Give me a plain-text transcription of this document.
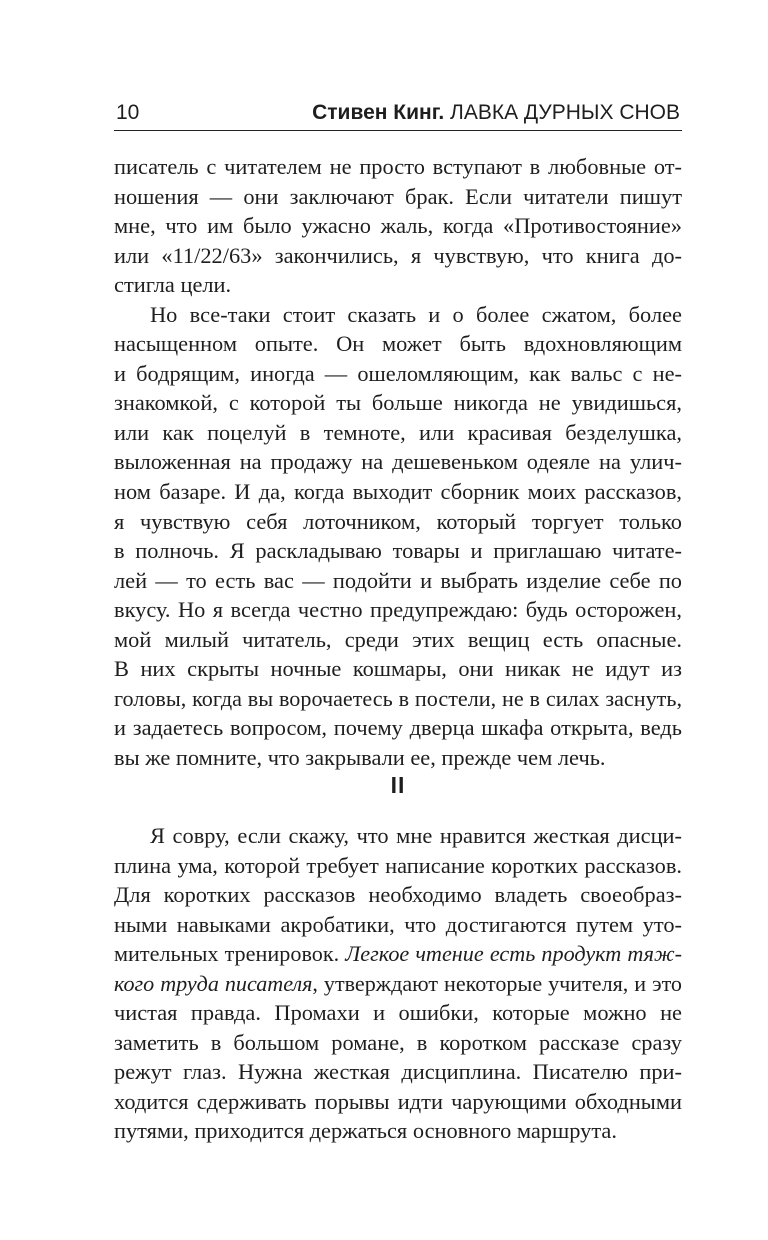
10	Стивен Кинг. ЛАВКА ДУРНЫХ СНОВ
писатель с читателем не просто вступают в любовные от-
ношения — они заключают брак. Если читатели пишут
мне, что им было ужасно жаль, когда «Противостояние»
или «11/22/63» закончились, я чувствую, что книга до-
стигла цели.
Но все-таки стоит сказать и о более сжатом, более
насыщенном опыте. Он может быть вдохновляющим
и бодрящим, иногда — ошеломляющим, как вальс с не-
знакомкой, с которой ты больше никогда не увидишься,
или как поцелуй в темноте, или красивая безделушка,
выложенная на продажу на дешевеньком одеяле на улич-
ном базаре. И да, когда выходит сборник моих рассказов,
я чувствую себя лоточником, который торгует только
в полночь. Я раскладываю товары и приглашаю читате-
лей — то есть вас — подойти и выбрать изделие себе по
вкусу. Но я всегда честно предупреждаю: будь осторожен,
мой милый читатель, среди этих вещиц есть опасные.
В них скрыты ночные кошмары, они никак не идут из
головы, когда вы ворочаетесь в постели, не в силах заснуть,
и задаетесь вопросом, почему дверца шкафа открыта, ведь
вы же помните, что закрывали ее, прежде чем лечь.
II
Я совру, если скажу, что мне нравится жесткая дисци-
плина ума, которой требует написание коротких рассказов.
Для коротких рассказов необходимо владеть своеобраз-
ными навыками акробатики, что достигаются путем уто-
мительных тренировок. Легкое чтение есть продукт тяж-
кого труда писателя, утверждают некоторые учителя, и это
чистая правда. Промахи и ошибки, которые можно не
заметить в большом романе, в коротком рассказе сразу
режут глаз. Нужна жесткая дисциплина. Писателю при-
ходится сдерживать порывы идти чарующими обходными
путями, приходится держаться основного маршрута.
